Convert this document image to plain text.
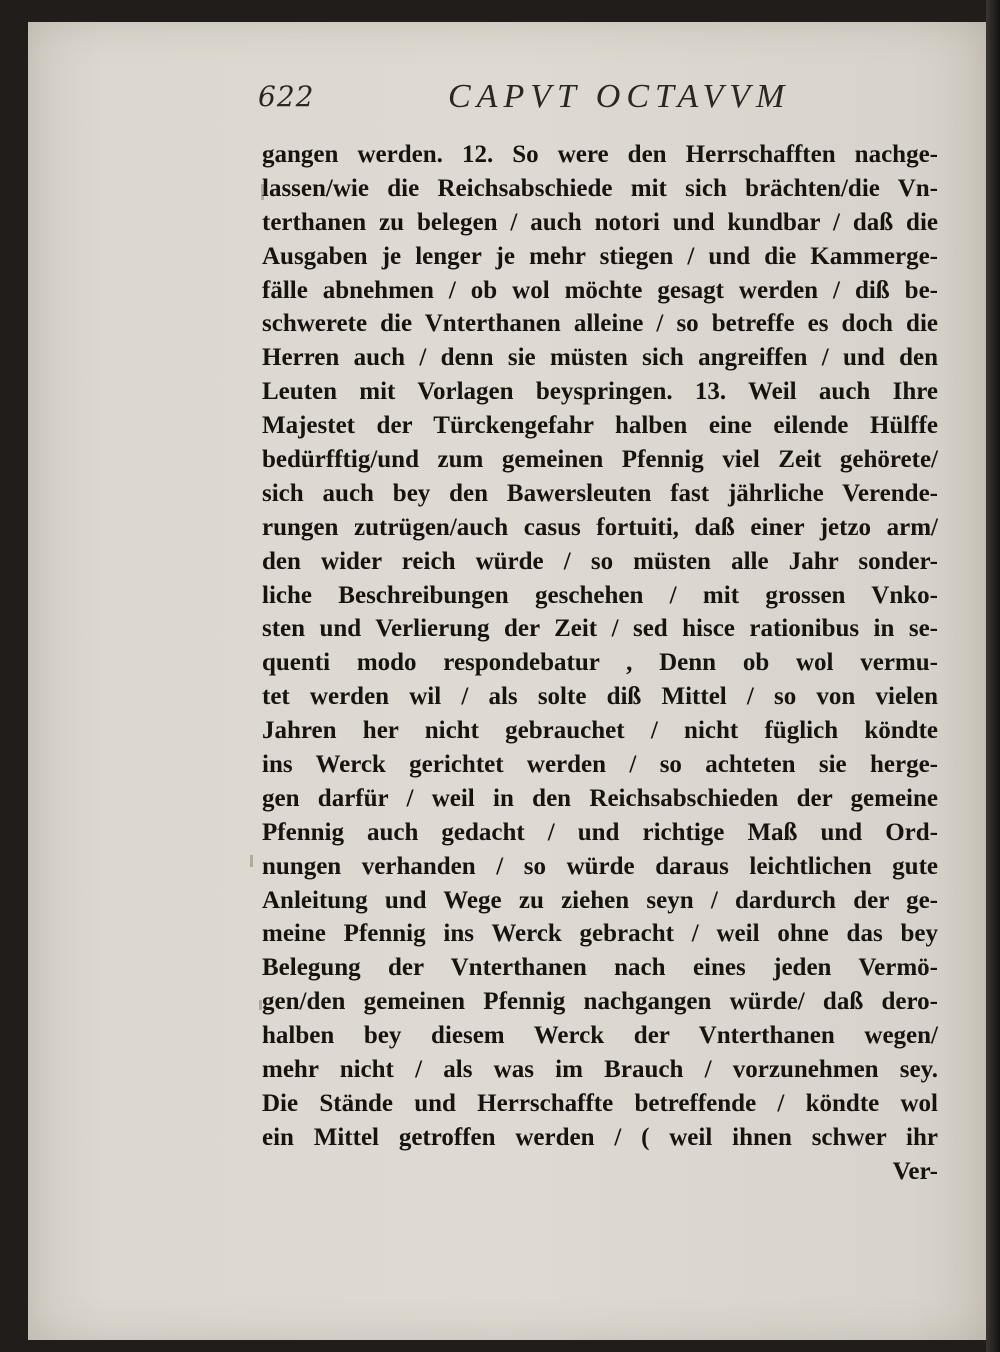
622	CAPVT OCTAVVM
gangen werden. 12. So were den Herrschafften nachge-
lassen/wie die Reichsabschiede mit sich brächten/die Vn-
terthanen zu belegen / auch notori und kundbar / daß die
Ausgaben je lenger je mehr stiegen / und die Kammerge-
fälle abnehmen / ob wol möchte gesagt werden / diß be-
schwerete die Vnterthanen alleine / so betreffe es doch die
Herren auch / denn sie müsten sich angreiffen / und den
Leuten mit Vorlagen beyspringen. 13. Weil auch Ihre
Majestet der Türckengefahr halben eine eilende Hülffe
bedürfftig/und zum gemeinen Pfennig viel Zeit gehörete/
sich auch bey den Bawersleuten fast jährliche Verende-
rungen zutrügen/auch casus fortuiti, daß einer jetzo arm/
den wider reich würde / so müsten alle Jahr sonder-
liche Beschreibungen geschehen / mit grossen Vnko-
sten und Verlierung der Zeit / sed hisce rationibus in se-
quenti modo respondebatur , Denn ob wol vermu-
tet werden wil / als solte diß Mittel / so von vielen
Jahren her nicht gebrauchet / nicht füglich köndte
ins Werck gerichtet werden / so achteten sie herge-
gen darfür / weil in den Reichsabschieden der gemeine
Pfennig auch gedacht / und richtige Maß und Ord-
nungen verhanden / so würde daraus leichtlichen gute
Anleitung und Wege zu ziehen seyn / dardurch der ge-
meine Pfennig ins Werck gebracht / weil ohne das bey
Belegung der Vnterthanen nach eines jeden Vermö-
gen/den gemeinen Pfennig nachgangen würde/ daß dero-
halben bey diesem Werck der Vnterthanen wegen/
mehr nicht / als was im Brauch / vorzunehmen sey.
Die Stände und Herrschaffte betreffende / köndte wol
ein Mittel getroffen werden / ( weil ihnen schwer ihr
Ver-
